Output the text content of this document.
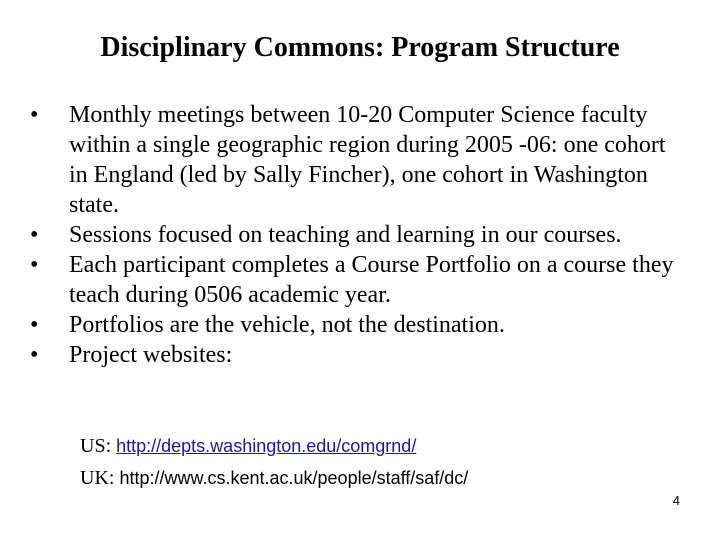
Disciplinary Commons: Program Structure
•	Monthly meetings between 10-20 Computer Science faculty within a single geographic region during 2005 -06: one cohort in England (led by Sally Fincher), one cohort in Washington state.
•	Sessions focused on teaching and learning in our courses.
•	Each participant completes a Course Portfolio on a course they teach during 0506 academic year.
•	Portfolios are the vehicle, not the destination.
•	Project websites:
US: http://depts.washington.edu/comgrnd/
UK: http://www.cs.kent.ac.uk/people/staff/saf/dc/
4
